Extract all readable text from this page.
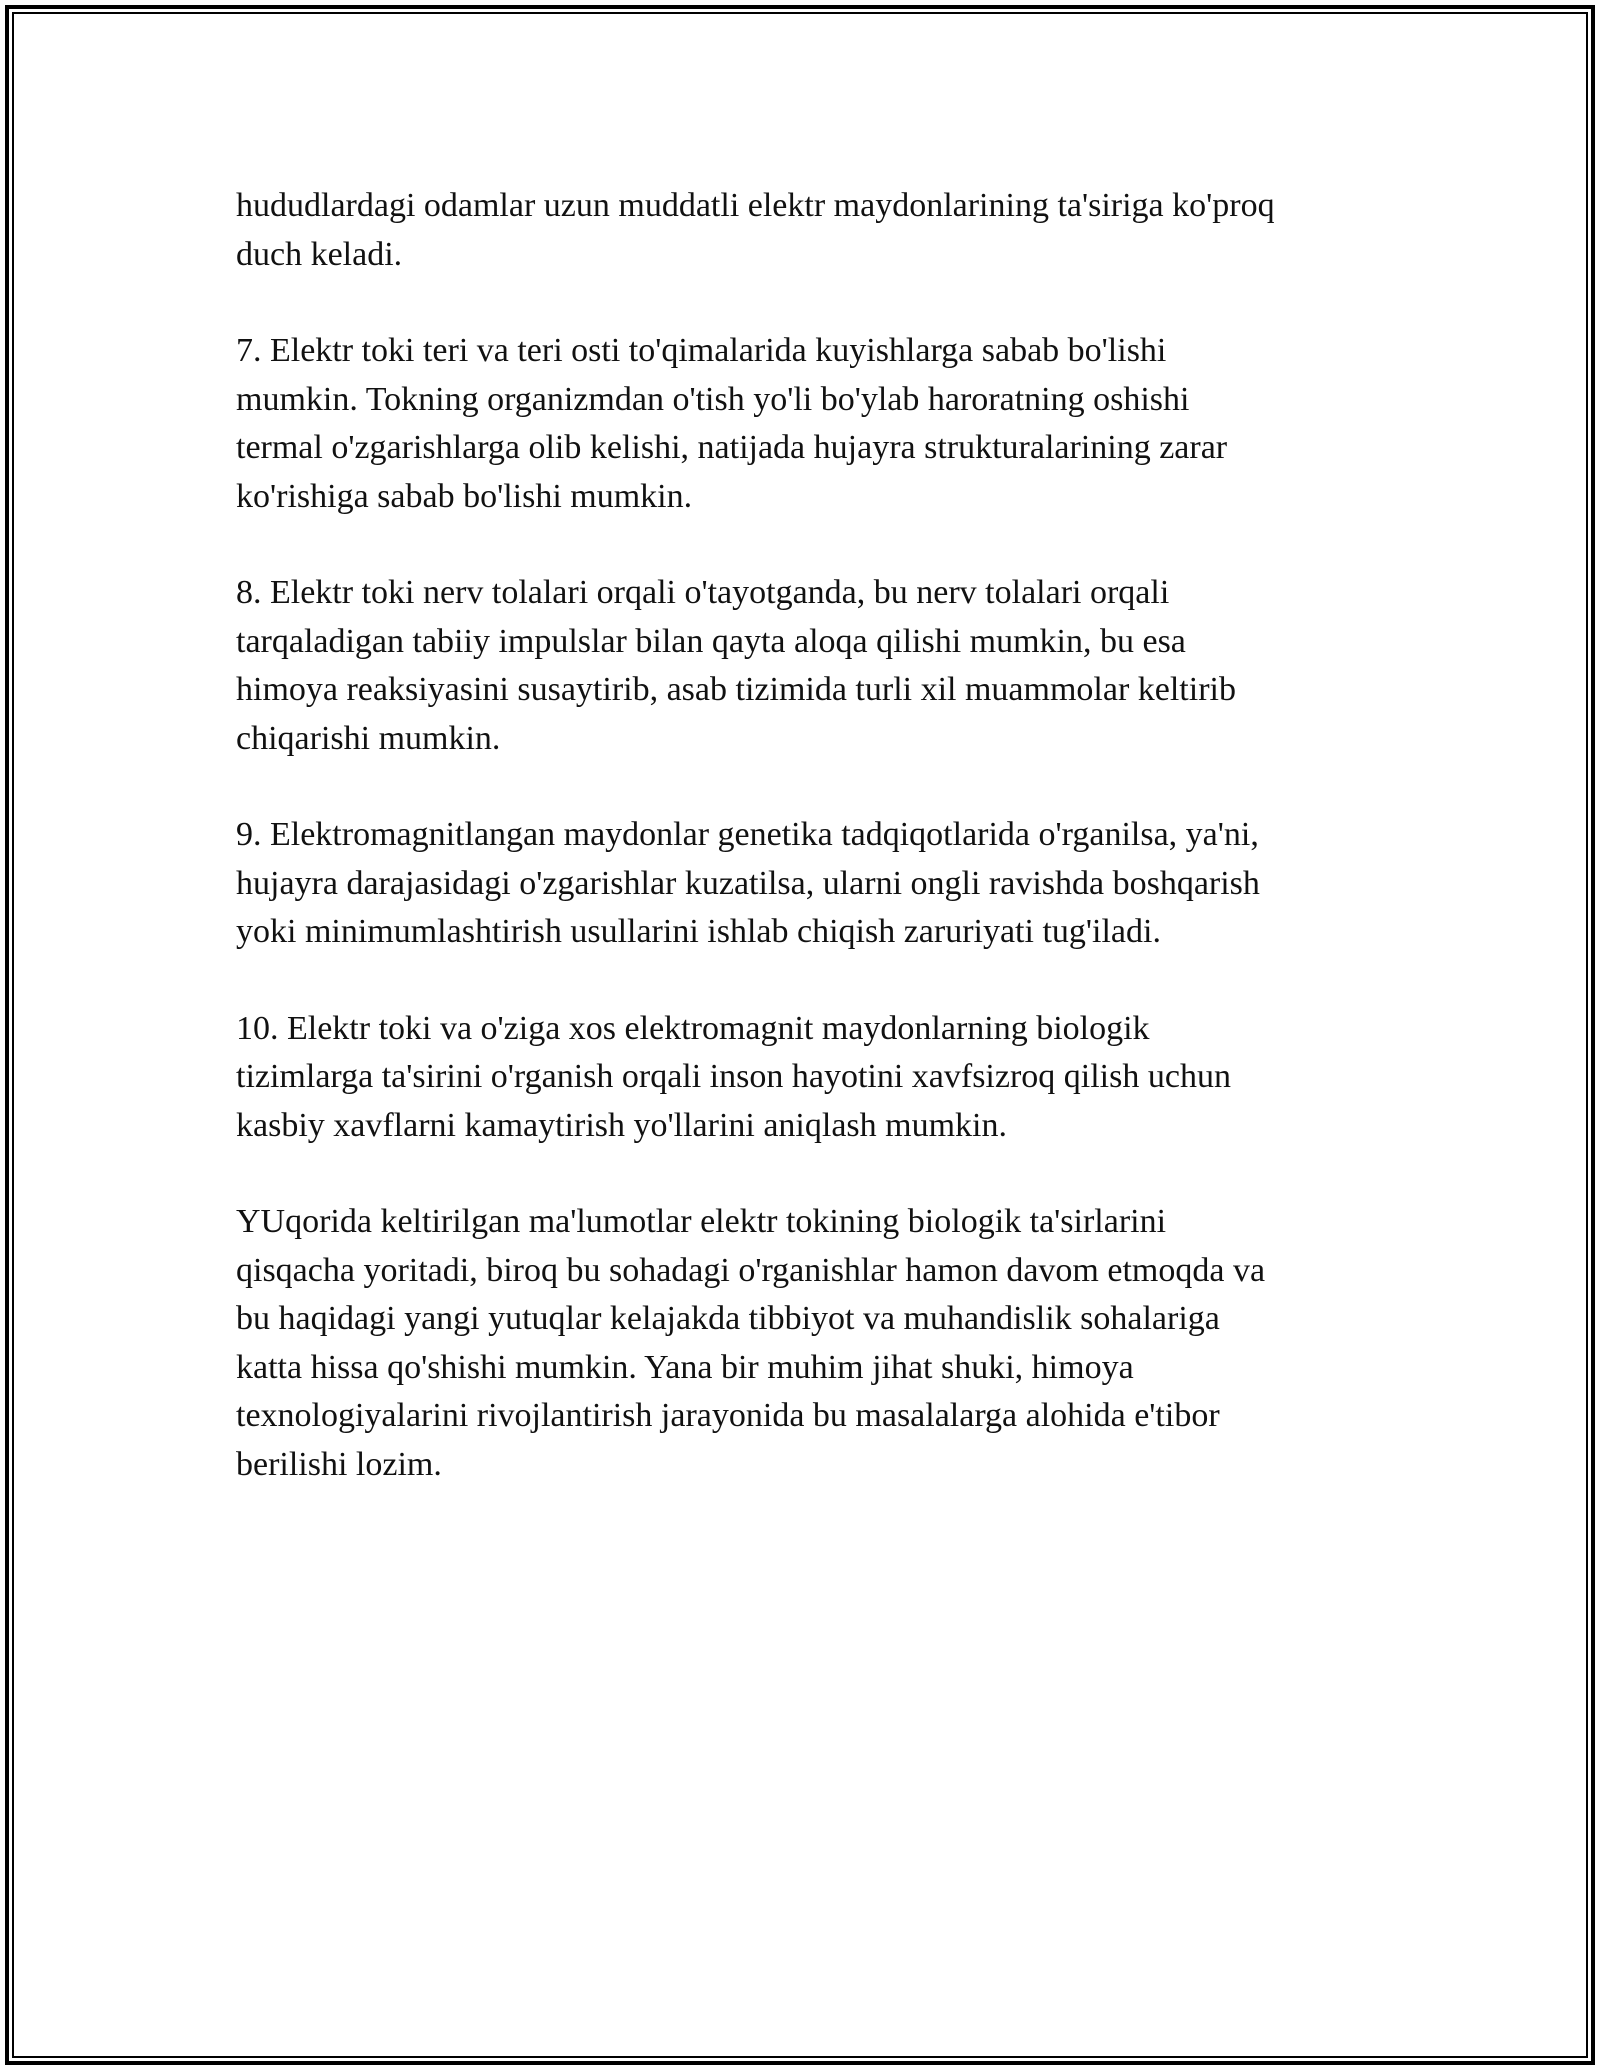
hududlardagi odamlar uzun muddatli elektr maydonlarining ta'siriga ko'proq
duch keladi.

7. Elektr toki teri va teri osti to'qimalarida kuyishlarga sabab bo'lishi
mumkin. Tokning organizmdan o'tish yo'li bo'ylab haroratning oshishi
termal o'zgarishlarga olib kelishi, natijada hujayra strukturalarining zarar
ko'rishiga sabab bo'lishi mumkin.

8. Elektr toki nerv tolalari orqali o'tayotganda, bu nerv tolalari orqali
tarqaladigan tabiiy impulslar bilan qayta aloqa qilishi mumkin, bu esa
himoya reaksiyasini susaytirib, asab tizimida turli xil muammolar keltirib
chiqarishi mumkin.

9. Elektromagnitlangan maydonlar genetika tadqiqotlarida o'rganilsa, ya'ni,
hujayra darajasidagi o'zgarishlar kuzatilsa, ularni ongli ravishda boshqarish
yoki minimumlashtirish usullarini ishlab chiqish zaruriyati tug'iladi.

10. Elektr toki va o'ziga xos elektromagnit maydonlarning biologik
tizimlarga ta'sirini o'rganish orqali inson hayotini xavfsizroq qilish uchun
kasbiy xavflarni kamaytirish yo'llarini aniqlash mumkin.

YUqorida keltirilgan ma'lumotlar elektr tokining biologik ta'sirlarini
qisqacha yoritadi, biroq bu sohadagi o'rganishlar hamon davom etmoqda va
bu haqidagi yangi yutuqlar kelajakda tibbiyot va muhandislik sohalariga
katta hissa qo'shishi mumkin. Yana bir muhim jihat shuki, himoya
texnologiyalarini rivojlantirish jarayonida bu masalalarga alohida e'tibor
berilishi lozim.
